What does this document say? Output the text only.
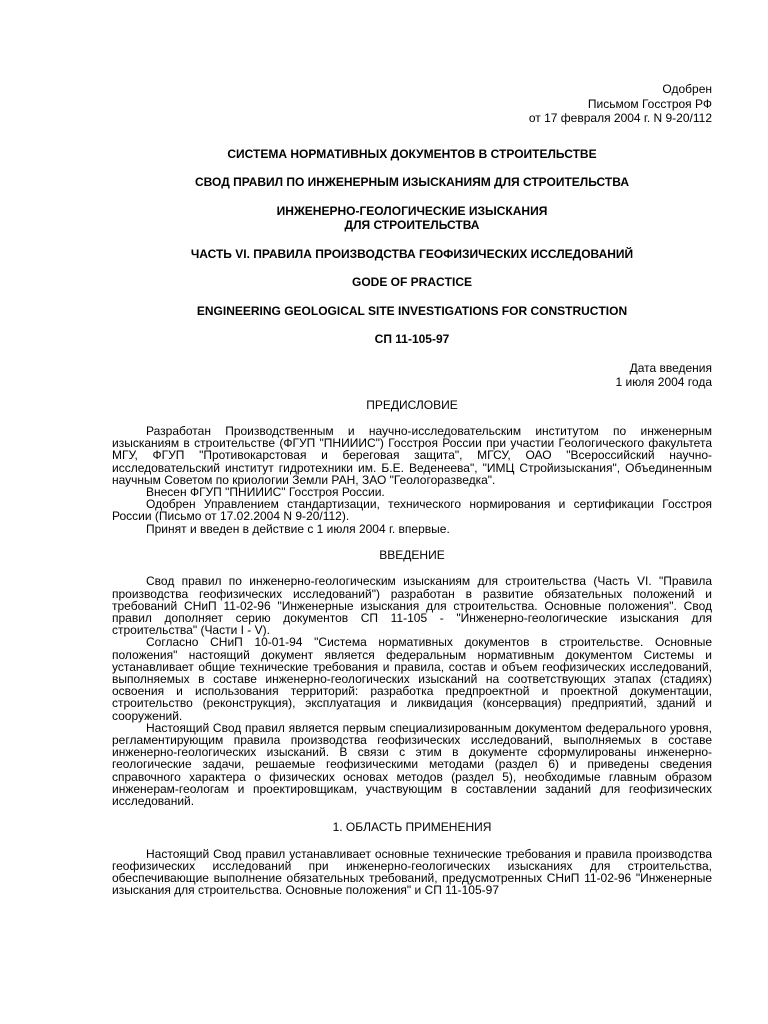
Одобрен
Письмом Госстроя РФ
от 17 февраля 2004 г. N 9-20/112
СИСТЕМА НОРМАТИВНЫХ ДОКУМЕНТОВ В СТРОИТЕЛЬСТВЕ
СВОД ПРАВИЛ ПО ИНЖЕНЕРНЫМ ИЗЫСКАНИЯМ ДЛЯ СТРОИТЕЛЬСТВА
ИНЖЕНЕРНО-ГЕОЛОГИЧЕСКИЕ ИЗЫСКАНИЯ
ДЛЯ СТРОИТЕЛЬСТВА
ЧАСТЬ VI. ПРАВИЛА ПРОИЗВОДСТВА ГЕОФИЗИЧЕСКИХ ИССЛЕДОВАНИЙ
GODE OF PRACTICE
ENGINEERING GEOLOGICAL SITE INVESTIGATIONS FOR CONSTRUCTION
СП 11-105-97
Дата введения
1 июля 2004 года
ПРЕДИСЛОВИЕ

Разработан Производственным и научно-исследовательским институтом по инженерным изысканиям в строительстве (ФГУП "ПНИИИС") Госстроя России при участии Геологического факультета МГУ, ФГУП "Противокарстовая и береговая защита", МГСУ, ОАО "Всероссийский научно-исследовательский институт гидротехники им. Б.Е. Веденеева", "ИМЦ Стройизыскания", Объединенным научным Советом по криологии Земли РАН, ЗАО "Геологоразведка".

Внесен ФГУП "ПНИИИС" Госстроя России.

Одобрен Управлением стандартизации, технического нормирования и сертификации Госстроя России (Письмо от 17.02.2004 N 9-20/112).

Принят и введен в действие с 1 июля 2004 г. впервые.

ВВЕДЕНИЕ

Свод правил по инженерно-геологическим изысканиям для строительства (Часть VI. "Правила производства геофизических исследований") разработан в развитие обязательных положений и требований СНиП 11-02-96 "Инженерные изыскания для строительства. Основные положения". Свод правил дополняет серию документов СП 11-105 - "Инженерно-геологические изыскания для строительства" (Части I - V).

Согласно СНиП 10-01-94 "Система нормативных документов в строительстве. Основные положения" настоящий документ является федеральным нормативным документом Системы и устанавливает общие технические требования и правила, состав и объем геофизических исследований, выполняемых в составе инженерно-геологических изысканий на соответствующих этапах (стадиях) освоения и использования территорий: разработка предпроектной и проектной документации, строительство (реконструкция), эксплуатация и ликвидация (консервация) предприятий, зданий и сооружений.

Настоящий Свод правил является первым специализированным документом федерального уровня, регламентирующим правила производства геофизических исследований, выполняемых в составе инженерно-геологических изысканий. В связи с этим в документе сформулированы инженерно-геологические задачи, решаемые геофизическими методами (раздел 6) и приведены сведения справочного характера о физических основах методов (раздел 5), необходимые главным образом инженерам-геологам и проектировщикам, участвующим в составлении заданий для геофизических исследований.

1. ОБЛАСТЬ ПРИМЕНЕНИЯ

Настоящий Свод правил устанавливает основные технические требования и правила производства геофизических исследований при инженерно-геологических изысканиях для строительства, обеспечивающие выполнение обязательных требований, предусмотренных СНиП 11-02-96 "Инженерные изыскания для строительства. Основные положения" и СП 11-105-97
